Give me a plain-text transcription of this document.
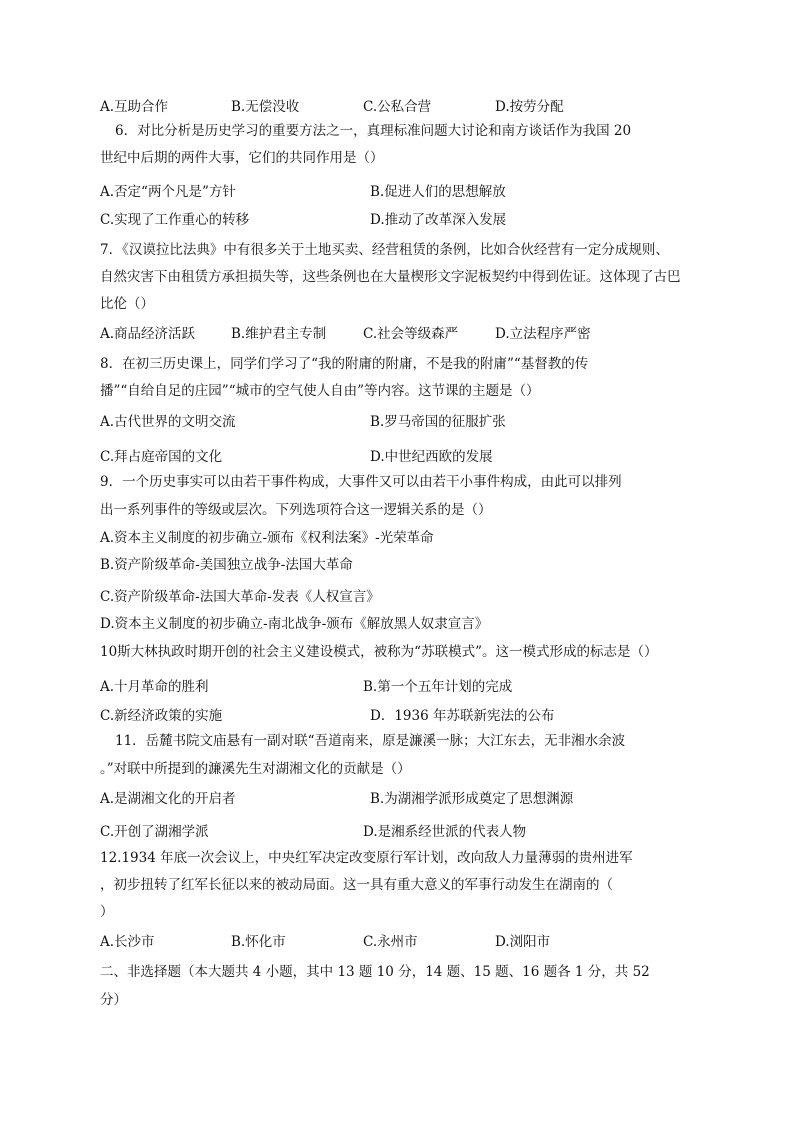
A.互助合作	B.无偿没收	C.公私合营	D.按劳分配
6．对比分析是历史学习的重要方法之一，真理标准问题大讨论和南方谈话作为我国 20
世纪中后期的两件大事，它们的共同作用是（）
A.否定“两个凡是”方针	B.促进人们的思想解放
C.实现了工作重心的转移	D.推动了改革深入发展
7．《汉谟拉比法典》中有很多关于土地买卖、经营租赁的条例，比如合伙经营有一定分成规则、
自然灾害下由租赁方承担损失等，这些条例也在大量楔形文字泥板契约中得到佐证。这体现了古巴
比伦（）
A.商品经济活跃	B.维护君主专制	C.社会等级森严	D.立法程序严密
8．在初三历史课上，同学们学习了“我的附庸的附庸，不是我的附庸”“基督教的传
播”“自给自足的庄园”“城市的空气使人自由”等内容。这节课的主题是（）
A.古代世界的文明交流	B.罗马帝国的征服扩张
C.拜占庭帝国的文化	D.中世纪西欧的发展
9．一个历史事实可以由若干事件构成，大事件又可以由若干小事件构成，由此可以排列
出一系列事件的等级或层次。下列选项符合这一逻辑关系的是（）
A.资本主义制度的初步确立-颁布《权利法案》-光荣革命
B.资产阶级革命-美国独立战争-法国大革命
C.资产阶级革命-法国大革命-发表《人权宣言》
D.资本主义制度的初步确立-南北战争-颁布《解放黑人奴隶宣言》
10斯大林执政时期开创的社会主义建设模式，被称为“苏联模式”。这一模式形成的标志是（）
A.十月革命的胜利	B.第一个五年计划的完成
C.新经济政策的实施	D．1936 年苏联新宪法的公布
11．岳麓书院文庙悬有一副对联“吾道南来，原是濂溪一脉；大江东去，无非湘水余波
。”对联中所提到的濂溪先生对湖湘文化的贡献是（）
A.是湖湘文化的开启者	B.为湖湘学派形成奠定了思想渊源
C.开创了湖湘学派	D.是湘系经世派的代表人物
12.1934 年底一次会议上，中央红军决定改变原行军计划，改向敌人力量薄弱的贵州进军
，初步扭转了红军长征以来的被动局面。这一具有重大意义的军事行动发生在湖南的（
）
A.长沙市	B.怀化市	C.永州市	D.浏阳市
二、非选择题（本大题共 4 小题，其中 13 题 10 分，14 题、15 题、16 题各 1 分，共 52
分）
